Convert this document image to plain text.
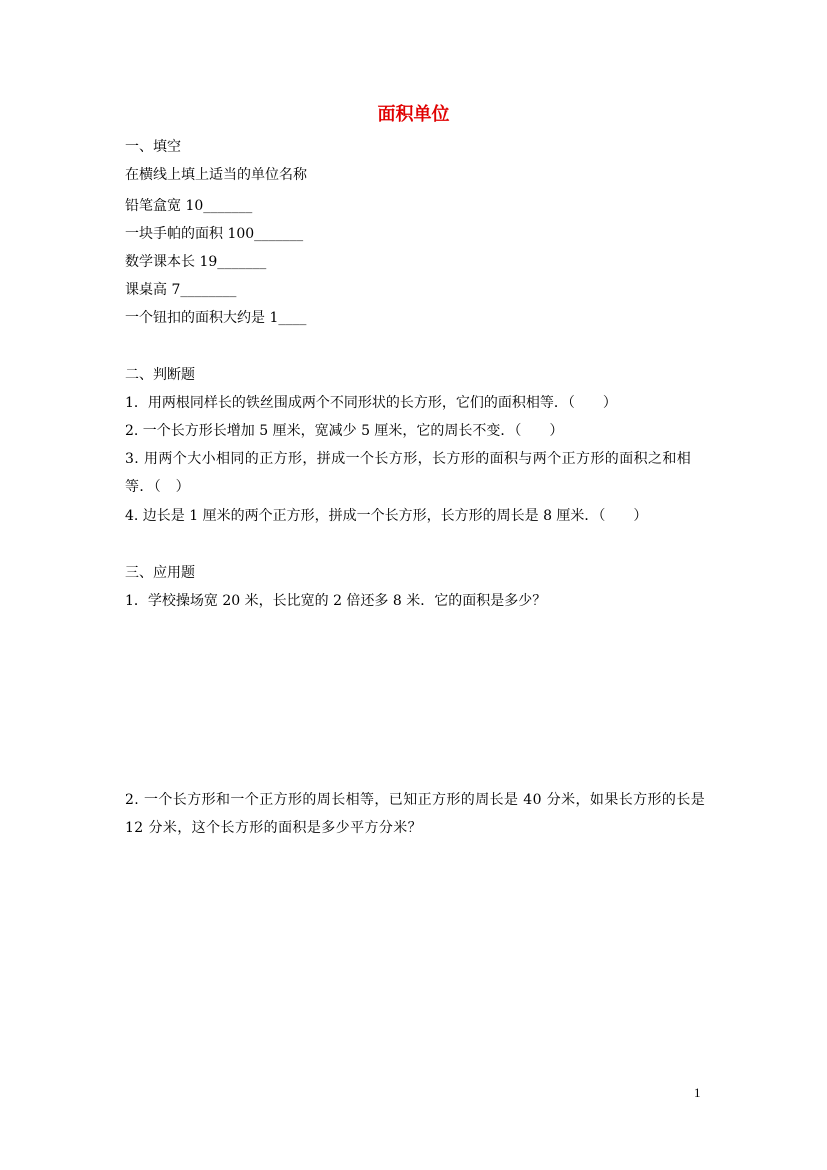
面积单位
一、填空
在横线上填上适当的单位名称
铅笔盒宽 10_______
一块手帕的面积 100_______
数学课本长 19_______
课桌高 7________
一个钮扣的面积大约是 1____
二、判断题
1．用两根同样长的铁丝围成两个不同形状的长方形，它们的面积相等．（　　）
2. 一个长方形长增加 5 厘米，宽减少 5 厘米，它的周长不变．（　　）
3. 用两个大小相同的正方形，拼成一个长方形，长方形的面积与两个正方形的面积之和相等．（　）
4. 边长是 1 厘米的两个正方形，拼成一个长方形，长方形的周长是 8 厘米．（　　）
三、应用题
1．学校操场宽 20 米，长比宽的 2 倍还多 8 米．它的面积是多少？
2. 一个长方形和一个正方形的周长相等，已知正方形的周长是 40 分米，如果长方形的长是 12 分米，这个长方形的面积是多少平方分米？
1
